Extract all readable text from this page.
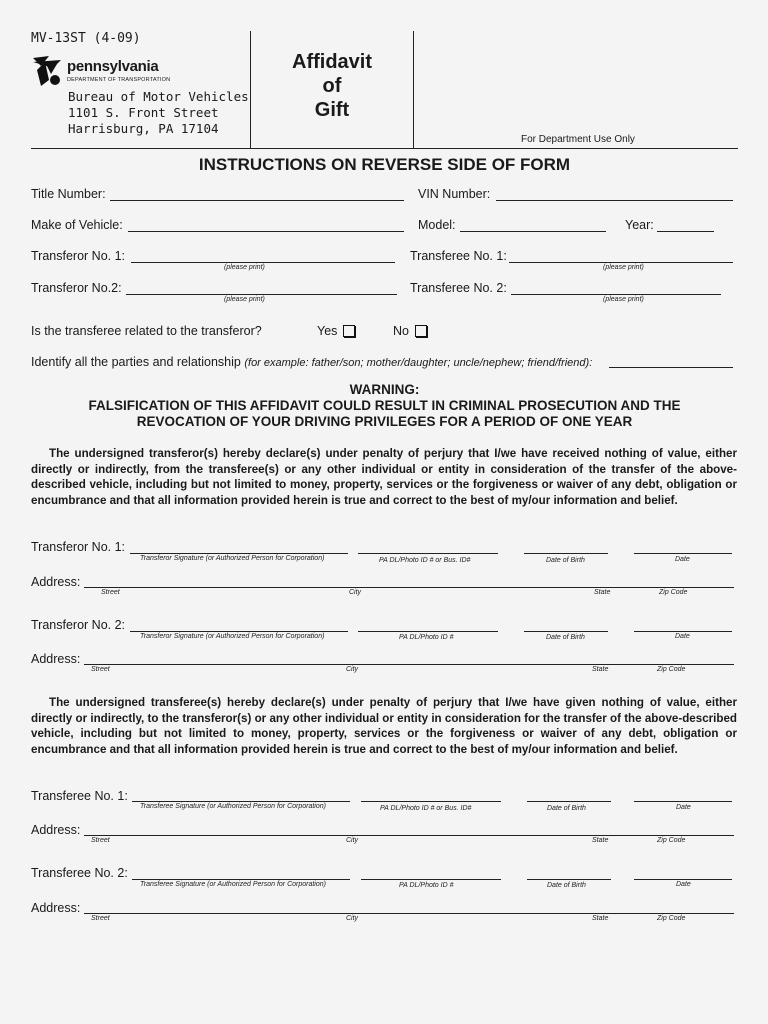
MV-13ST (4-09)
pennsylvania
DEPARTMENT OF TRANSPORTATION
Bureau of Motor Vehicles
1101 S. Front Street
Harrisburg, PA 17104
Affidavit
of
Gift
For Department Use Only
INSTRUCTIONS ON REVERSE SIDE OF FORM
Title Number:	VIN Number:
Make of Vehicle:	Model:	Year:
Transferor No. 1:
(please print)
Transferee No. 1:
(please print)
Transferor No.2:
(please print)
Transferee No. 2:
(please print)
Is the transferee related to the transferor?	Yes	No
Identify all the parties and relationship (for example: father/son; mother/daughter; uncle/nephew; friend/friend):
WARNING:
FALSIFICATION OF THIS AFFIDAVIT COULD RESULT IN CRIMINAL PROSECUTION AND THE
REVOCATION OF YOUR DRIVING PRIVILEGES FOR A PERIOD OF ONE YEAR
The undersigned transferor(s) hereby declare(s) under penalty of perjury that I/we have received nothing of value, either directly or indirectly, from the transferee(s) or any other individual or entity in consideration of the transfer of the above-described vehicle, including but not limited to money, property, services or the forgiveness or waiver of any debt, obligation or encumbrance and that all information provided herein is true and correct to the best of my/our information and belief.
Transferor No. 1:
Transferor Signature (or Authorized Person for Corporation)	PA DL/Photo ID # or Bus. ID#	Date of Birth	Date
Address:
Street	City	State	Zip Code
Transferor No. 2:
Transferor Signature (or Authorized Person for Corporation)	PA DL/Photo ID #	Date of Birth	Date
Address:
Street	City	State	Zip Code
The undersigned transferee(s) hereby declare(s) under penalty of perjury that I/we have given nothing of value, either directly or indirectly, to the transferor(s) or any other individual or entity in consideration for the transfer of the above-described vehicle, including but not limited to money, property, services or the forgiveness or waiver of any debt, obligation or encumbrance and that all information provided herein is true and correct to the best of my/our information and belief.
Transferee No. 1:
Transferee Signature (or Authorized Person for Corporation)	PA DL/Photo ID # or Bus. ID#	Date of Birth	Date
Address:
Street	City	State	Zip Code
Transferee No. 2:
Transferee Signature (or Authorized Person for Corporation)	PA DL/Photo ID #	Date of Birth	Date
Address:
Street	City	State	Zip Code
